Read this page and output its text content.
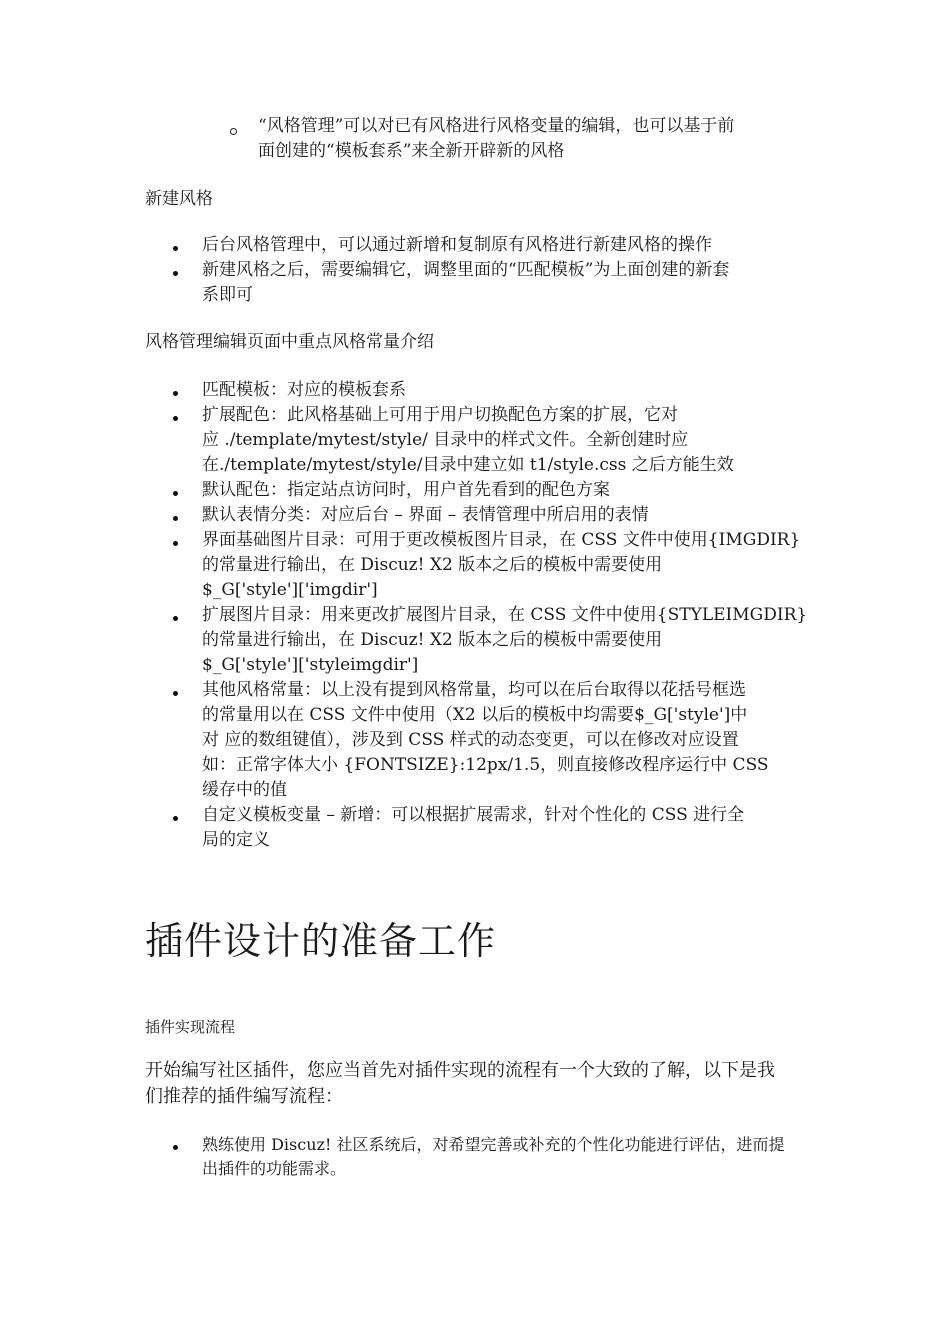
“风格管理”可以对已有风格进行风格变量的编辑，也可以基于前
面创建的“模板套系”来全新开辟新的风格
新建风格
后台风格管理中，可以通过新增和复制原有风格进行新建风格的操作
新建风格之后，需要编辑它，调整里面的“匹配模板”为上面创建的新套
系即可
风格管理编辑页面中重点风格常量介绍
匹配模板：对应的模板套系
扩展配色：此风格基础上可用于用户切换配色方案的扩展，它对
应 ./template/mytest/style/ 目录中的样式文件。全新创建时应
在./template/mytest/style/目录中建立如 t1/style.css 之后方能生效
默认配色：指定站点访问时，用户首先看到的配色方案
默认表情分类：对应后台 – 界面 – 表情管理中所启用的表情
界面基础图片目录：可用于更改模板图片目录，在 CSS 文件中使用{IMGDIR}
的常量进行输出，在 Discuz! X2 版本之后的模板中需要使用
$_G['style']['imgdir']
扩展图片目录：用来更改扩展图片目录，在 CSS 文件中使用{STYLEIMGDIR}
的常量进行输出，在 Discuz! X2 版本之后的模板中需要使用
$_G['style']['styleimgdir']
其他风格常量：以上没有提到风格常量，均可以在后台取得以花括号框选
的常量用以在 CSS 文件中使用（X2 以后的模板中均需要$_G['style']中
对 应的数组键值），涉及到 CSS 样式的动态变更，可以在修改对应设置
如：正常字体大小 {FONTSIZE}:12px/1.5，则直接修改程序运行中 CSS
缓存中的值
自定义模板变量 – 新增：可以根据扩展需求，针对个性化的 CSS 进行全
局的定义
插件设计的准备工作
插件实现流程
开始编写社区插件，您应当首先对插件实现的流程有一个大致的了解，以下是我
们推荐的插件编写流程：
熟练使用 Discuz! 社区系统后，对希望完善或补充的个性化功能进行评估，进而提
出插件的功能需求。
